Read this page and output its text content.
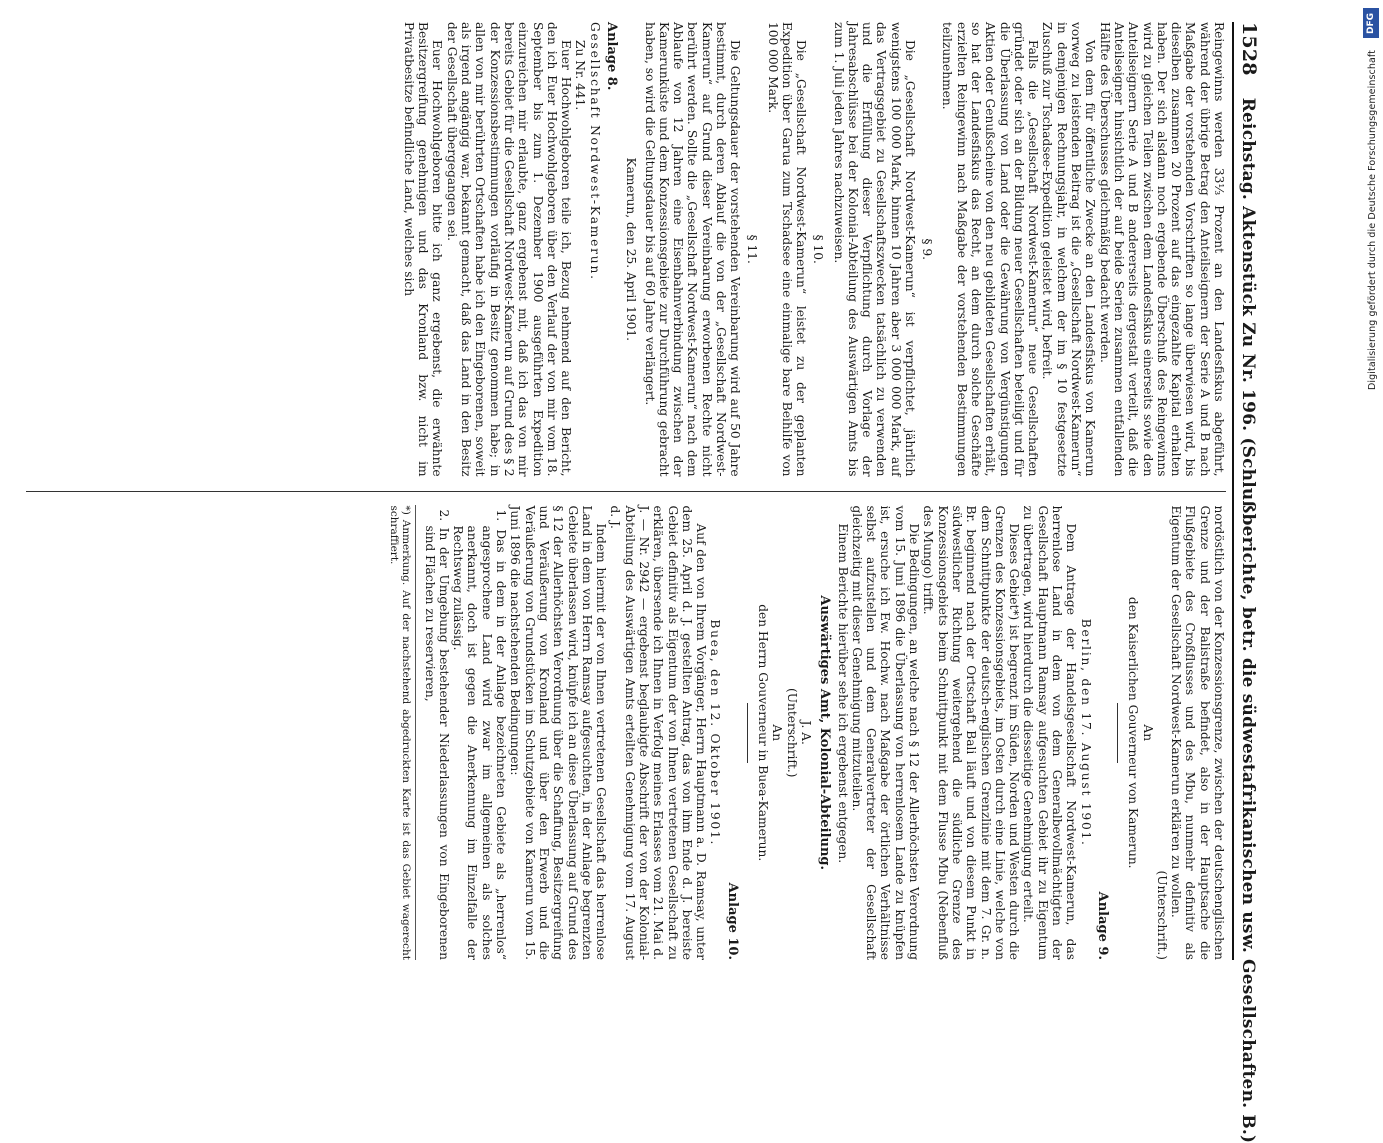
1528
Reichstag. Aktenstück Zu Nr. 196. (Schlußberichte, betr. die südwestafrikanischen usw. Gesellschaften. B.)

Reingewinns werden 33⅓ Prozent an den Landesfiskus abgeführt, während der übrige Betrag den Anteilseignern der Serie A und B nach Maßgabe der vorstehenden Vorschriften so lange überwiesen wird, bis dieselben zusammen 20 Prozent auf das eingezahlte Kapital erhalten haben. Der sich alsdann noch ergebende Überschuß des Reingewinns wird zu gleichen Teilen zwischen dem Landesfiskus einerseits sowie den Anteilseignern Serie A und B andererseits dergestalt verteilt, daß die Anteilseigner hinsichtlich der auf beide Serien zusammen entfallenden Hälfte des Überschusses gleichmäßig bedacht werden.

Von dem für öffentliche Zwecke an den Landesfiskus von Kamerun vorweg zu leistenden Beitrag ist die „Gesellschaft Nordwest-Kamerun“ in demjenigen Rechnungsjahr, in welchem der im § 10 festgesetzte Zuschuß zur Tschadsee-Expedition geleistet wird, befreit.

Falls die „Gesellschaft Nordwest-Kamerun“ neue Gesellschaften gründet oder sich an der Bildung neuer Gesellschaften beteiligt und für die Überlassung von Land oder die Gewährung von Vergünstigungen Aktien oder Genußscheine von den neu gebildeten Gesellschaften erhält, so hat der Landesfiskus das Recht, an dem durch solche Geschäfte erzielten Reingewinn nach Maßgabe der vorstehenden Bestimmungen teilzunehmen.

§ 9.

Die „Gesellschaft Nordwest-Kamerun“ ist verpflichtet, jährlich wenigstens 100 000 Mark, binnen 10 Jahren aber 3 000 000 Mark, auf das Vertragsgebiet zu Gesellschaftszwecken tatsächlich zu verwenden und die Erfüllung dieser Verpflichtung durch Vorlage der Jahresabschlüsse bei der Kolonial-Abteilung des Auswärtigen Amts bis zum 1. Juli jeden Jahres nachzuweisen.

§ 10.

Die „Gesellschaft Nordwest-Kamerun“ leistet zu der geplanten Expedition über Garua zum Tschadsee eine einmalige bare Beihilfe von 100 000 Mark.

§ 11.

Die Geltungsdauer der vorstehenden Vereinbarung wird auf 50 Jahre bestimmt, durch deren Ablauf die von der „Gesellschaft Nordwest-Kamerun“ auf Grund dieser Vereinbarung erworbenen Rechte nicht berührt werden. Sollte die „Gesellschaft Nordwest-Kamerun“ nach dem Ablaufe von 12 Jahren eine Eisenbahnverbindung zwischen der Kamerunküste und dem Konzessionsgebiete zur Durchführung gebracht haben, so wird die Geltungsdauer bis auf 60 Jahre verlängert.

Kamerun, den 25. April 1901.

Anlage 8.

Gesellschaft Nordwest-Kamerun.

Zu Nr. 441.

Euer Hochwohlgeboren teile ich, Bezug nehmend auf den Bericht, den ich Euer Hochwohlgeboren über den Verlauf der von mir vom 18. September bis zum 1. Dezember 1900 ausgeführten Expedition einzureichen mir erlaubte, ganz ergebenst mit, daß ich das von mir bereits Gebiet für die Gesellschaft Nordwest-Kamerun auf Grund des § 2 der Konzessionsbestimmungen vorläufig in Besitz genommen habe; in allen von mir berührten Ortschaften habe ich den Eingeborenen, soweit als irgend angängig war, bekannt gemacht, daß das Land in den Besitz der Gesellschaft übergegangen sei.

Euer Hochwohlgeboren bitte ich ganz ergebenst, die erwähnte Besitzergreifung genehmigen und das Kronland bzw. nicht im Privatbesitze befindliche Land, welches sich

nordöstlich von der Konzessionsgrenze, zwischen der deutschenglischen Grenze und der Balistraße befindet, also in der Hauptsache die Flußgebiete des Croßflusses und des Mbu, nunmehr definitiv als Eigentum der Gesellschaft Nordwest-Kamerun erklären zu wollen.

(Unterschrift.)

An

den Kaiserlichen Gouverneur von Kamerun.

Anlage 9.

Berlin, den 17. August 1901.

Dem Antrage der Handelsgesellschaft Nordwest-Kamerun, das herrenlose Land in dem von dem Generalbevollmächtigten der Gesellschaft Hauptmann Ramsay aufgesuchten Gebiet ihr zu Eigentum zu übertragen, wird hierdurch die diesseitige Genehmigung erteilt.

Dieses Gebiet*) ist begrenzt im Süden, Norden und Westen durch die Grenzen des Konzessionsgebiets, im Osten durch eine Linie, welche von dem Schnittpunkte der deutsch-englischen Grenzlinie mit dem 7. Gr. n. Br. beginnend nach der Ortschaft Bali läuft und von diesem Punkt in südwestlicher Richtung weitergehend die südliche Grenze des Konzessionsgebiets beim Schnittpunkt mit dem Flusse Mbu (Nebenfluß des Mungo) trifft.

Die Bedingungen, an welche nach § 12 der Allerhöchsten Verordnung vom 15. Juni 1896 die Überlassung von herrenlosem Lande zu knüpfen ist, ersuche ich Ew. Hochw. nach Maßgabe der örtlichen Verhältnisse selbst aufzustellen und dem Generalvertreter der Gesellschaft gleichzeitig mit dieser Genehmigung mitzuteilen.

Einem Berichte hierüber sehe ich ergebenst entgegen.

Auswärtiges Amt, Kolonial-Abteilung.

J. A.

(Unterschrift.)

An

den Herrn Gouverneur in Buea-Kamerun.

Anlage 10.

Buea, den 12. Oktober 1901.

Auf den von Ihrem Vorgänger, Herrn Hauptmann a. D. Ramsay, unter dem 25. April d. J. gestellten Antrag, das von ihm Ende d. J. bereiste Gebiet definitiv als Eigentum der von Ihnen vertretenen Gesellschaft zu erklären, übersende ich Ihnen in Verfolg meines Erlasses vom 21. Mai d. J. — Nr. 2942 — ergebenst beglaubigte Abschrift der von der Kolonial-Abteilung des Auswärtigen Amts erteilten Genehmigung vom 17. August d. J.

Indem hiermit der von Ihnen vertretenen Gesellschaft das herrenlose Land in dem von Herrn Ramsay aufgesuchten, in der Anlage begrenzten Gebiete überlassen wird, knüpfe ich an diese Überlassung auf Grund des § 12 der Allerhöchsten Verordnung über die Schaffung, Besitzergreifung und Veräußerung von Kronland und über den Erwerb und die Veräußerung von Grundstücken im Schutzgebiete von Kamerun vom 15. Juni 1896 die nachstehenden Bedingungen:

1. Das in dem in der Anlage bezeichneten Gebiete als „herrenlos“ angesprochene Land wird zwar im allgemeinen als solches anerkannt, doch ist gegen die Anerkennung im Einzelfalle der Rechtsweg zulässig.

2. In der Umgebung bestehender Niederlassungen von Eingeborenen sind Flächen zu reservieren,

*) Anmerkung. Auf der nachstehend abgedruckten Karte ist das Gebiet wagerecht schraffiert.

DFG
Digitalisierung gefördert durch die Deutsche Forschungsgemeinschaft
